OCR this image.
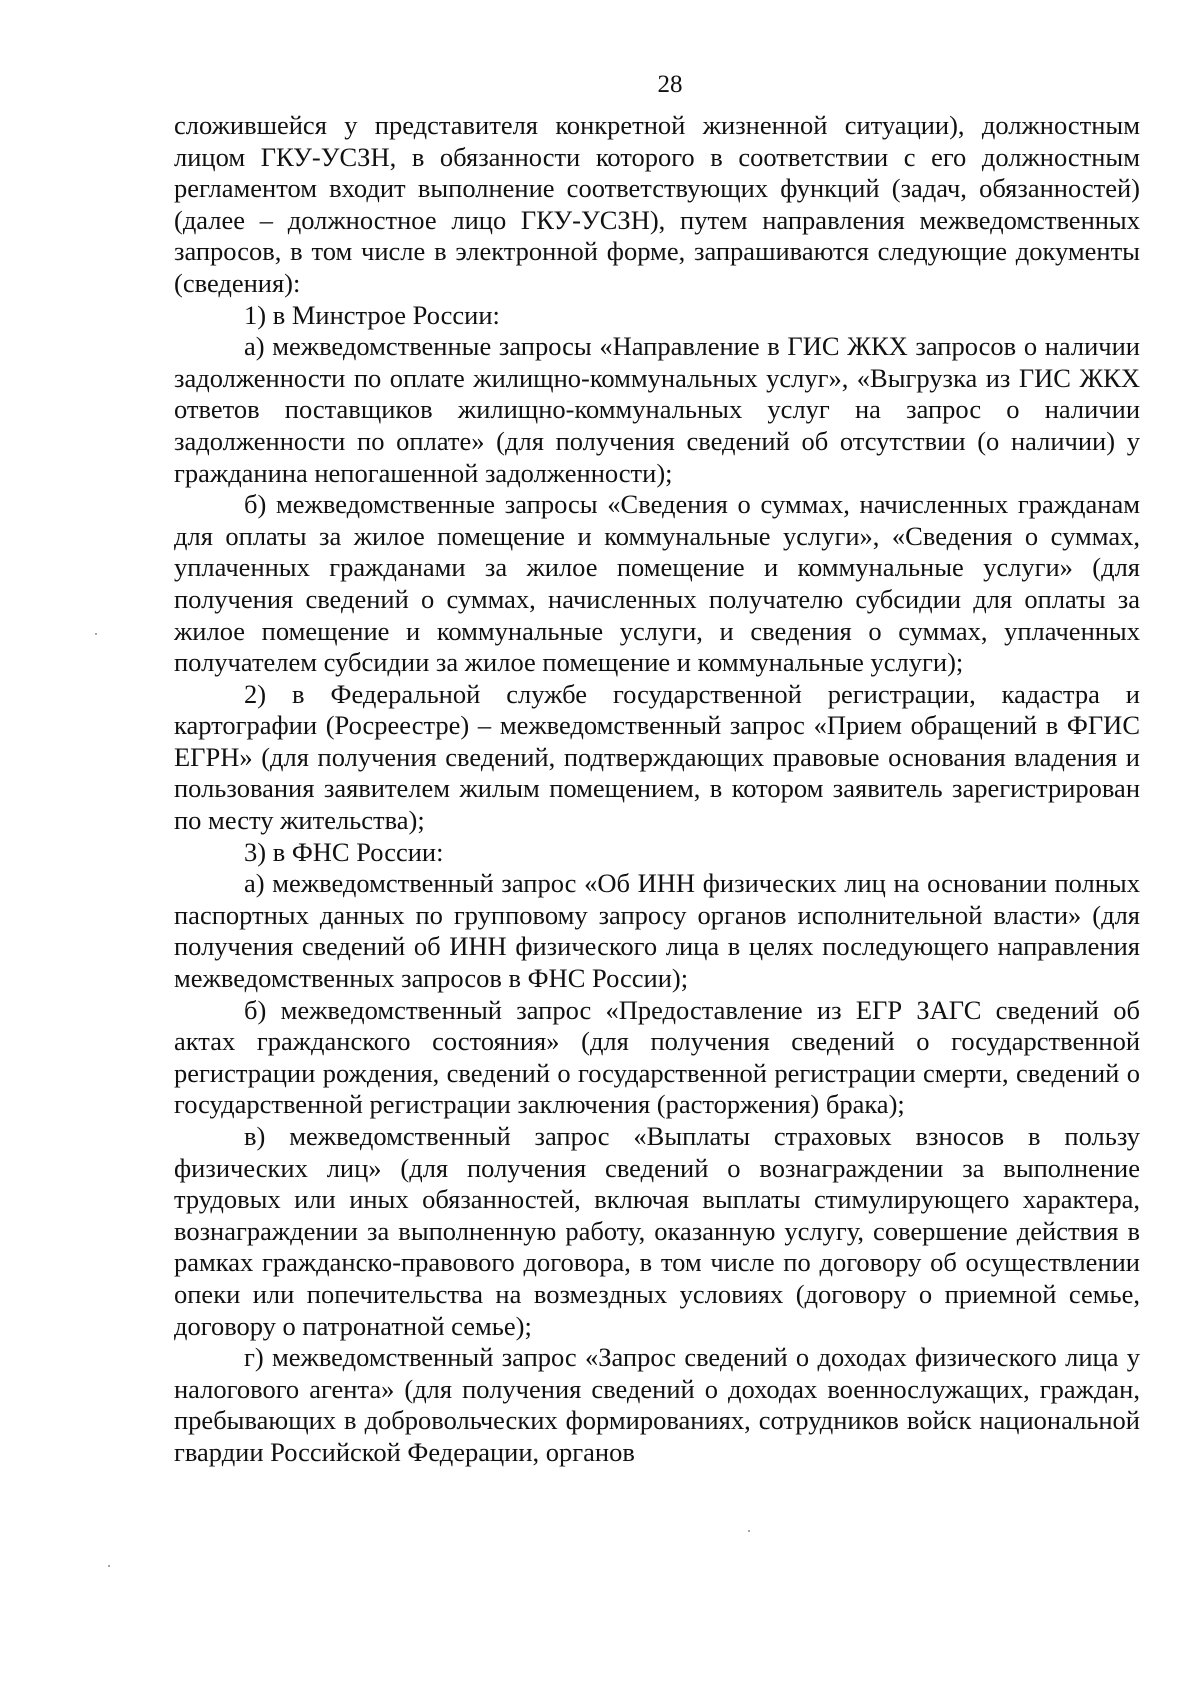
28

сложившейся у представителя конкретной жизненной ситуации), должностным лицом ГКУ-УСЗН, в обязанности которого в соответствии с его должностным регламентом входит выполнение соответствующих функций (задач, обязанностей) (далее – должностное лицо ГКУ-УСЗН), путем направления межведомственных запросов, в том числе в электронной форме, запрашиваются следующие документы (сведения):

1) в Минстрое России:

а) межведомственные запросы «Направление в ГИС ЖКХ запросов о наличии задолженности по оплате жилищно-коммунальных услуг», «Выгрузка из ГИС ЖКХ ответов поставщиков жилищно-коммунальных услуг на запрос о наличии задолженности по оплате» (для получения сведений об отсутствии (о наличии) у гражданина непогашенной задолженности);

б) межведомственные запросы «Сведения о суммах, начисленных гражданам для оплаты за жилое помещение и коммунальные услуги», «Сведения о суммах, уплаченных гражданами за жилое помещение и коммунальные услуги» (для получения сведений о суммах, начисленных получателю субсидии для оплаты за жилое помещение и коммунальные услуги, и сведения о суммах, уплаченных получателем субсидии за жилое помещение и коммунальные услуги);

2) в Федеральной службе государственной регистрации, кадастра и картографии (Росреестре) – межведомственный запрос «Прием обращений в ФГИС ЕГРН» (для получения сведений, подтверждающих правовые основания владения и пользования заявителем жилым помещением, в котором заявитель зарегистрирован по месту жительства);

3) в ФНС России:

а) межведомственный запрос «Об ИНН физических лиц на основании полных паспортных данных по групповому запросу органов исполнительной власти» (для получения сведений об ИНН физического лица в целях последующего направления межведомственных запросов в ФНС России);

б) межведомственный запрос «Предоставление из ЕГР ЗАГС сведений об актах гражданского состояния» (для получения сведений о государственной регистрации рождения, сведений о государственной регистрации смерти, сведений о государственной регистрации заключения (расторжения) брака);

в) межведомственный запрос «Выплаты страховых взносов в пользу физических лиц» (для получения сведений о вознаграждении за выполнение трудовых или иных обязанностей, включая выплаты стимулирующего характера, вознаграждении за выполненную работу, оказанную услугу, совершение действия в рамках гражданско-правового договора, в том числе по договору об осуществлении опеки или попечительства на возмездных условиях (договору о приемной семье, договору о патронатной семье);

г) межведомственный запрос «Запрос сведений о доходах физического лица у налогового агента» (для получения сведений о доходах военнослужащих, граждан, пребывающих в добровольческих формированиях, сотрудников войск национальной гвардии Российской Федерации, органов
